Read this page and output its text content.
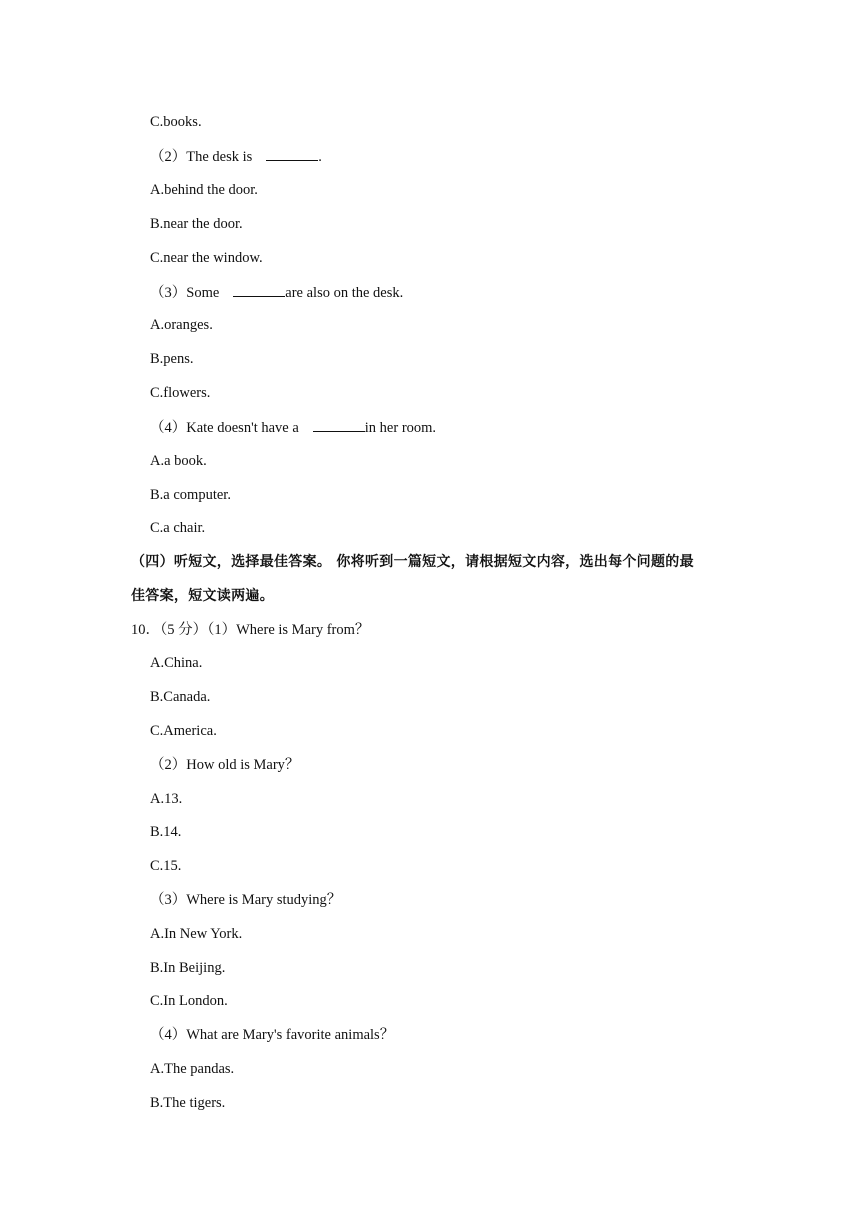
C.books.
（2）The desk is	.
A.behind the door.
B.near the door.
C.near the window.
（3）Some	are also on the desk.
A.oranges.
B.pens.
C.flowers.
（4）Kate doesn't have a	in her room.
A.a book.
B.a computer.
C.a chair.
（四）听短文，选择最佳答案。 你将听到一篇短文，请根据短文内容，选出每个问题的最
佳答案，短文读两遍。
10．（5 分）（1）Where is Mary from？
A.China.
B.Canada.
C.America.
（2）How old is Mary？
A.13.
B.14.
C.15.
（3）Where is Mary studying？
A.In New York.
B.In Beijing.
C.In London.
（4）What are Mary's favorite animals？
A.The pandas.
B.The tigers.
